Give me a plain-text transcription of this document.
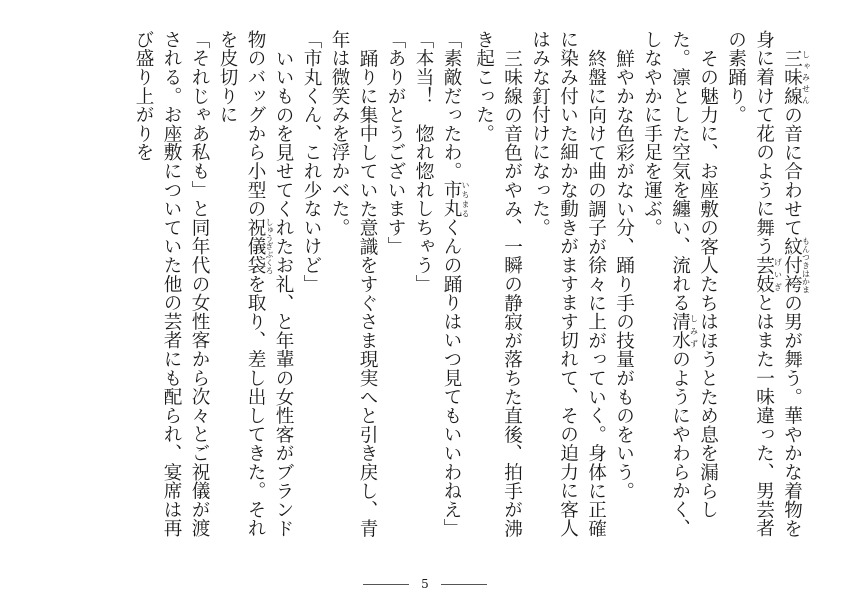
三味線 しゃみせんの音に合わせて紋付袴 もんつきはかまの男が舞う。華やかな着物を身に着けて花のように舞う芸妓 げいぎとはまた一味違った、男芸者の素踊り。

その魅力に、お座敷の客人たちはほうとため息を漏らした。凛とした空気を纏い、流れる清水 しみずのようにやわらかく、しなやかに手足を運ぶ。

鮮やかな色彩がない分、踊り手の技量がものをいう。

終盤に向けて曲の調子が徐々に上がっていく。身体に正確に染み付いた細かな動きがますます切れて、その迫力に客人はみな釘付けになった。

三味線の音色がやみ、一瞬の静寂が落ちた直後、拍手が沸き起こった。

「素敵だったわ。市丸 いちまるくんの踊りはいつ見てもいいわねえ」

「本当！　惚れ惚れしちゃう」

「ありがとうございます」

踊りに集中していた意識をすぐさま現実へと引き戻し、青年は微笑みを浮かべた。

「市丸くん、これ少ないけど」

いいものを見せてくれたお礼、と年輩の女性客がブランド物のバッグから小型の祝儀袋 しゅうぎぶくろを取り、差し出してきた。それを皮切りに

「それじゃあ私も」と同年代の女性客から次々とご祝儀が渡される。お座敷についていた他の芸者にも配られ、宴席は再び盛り上がりを

5
